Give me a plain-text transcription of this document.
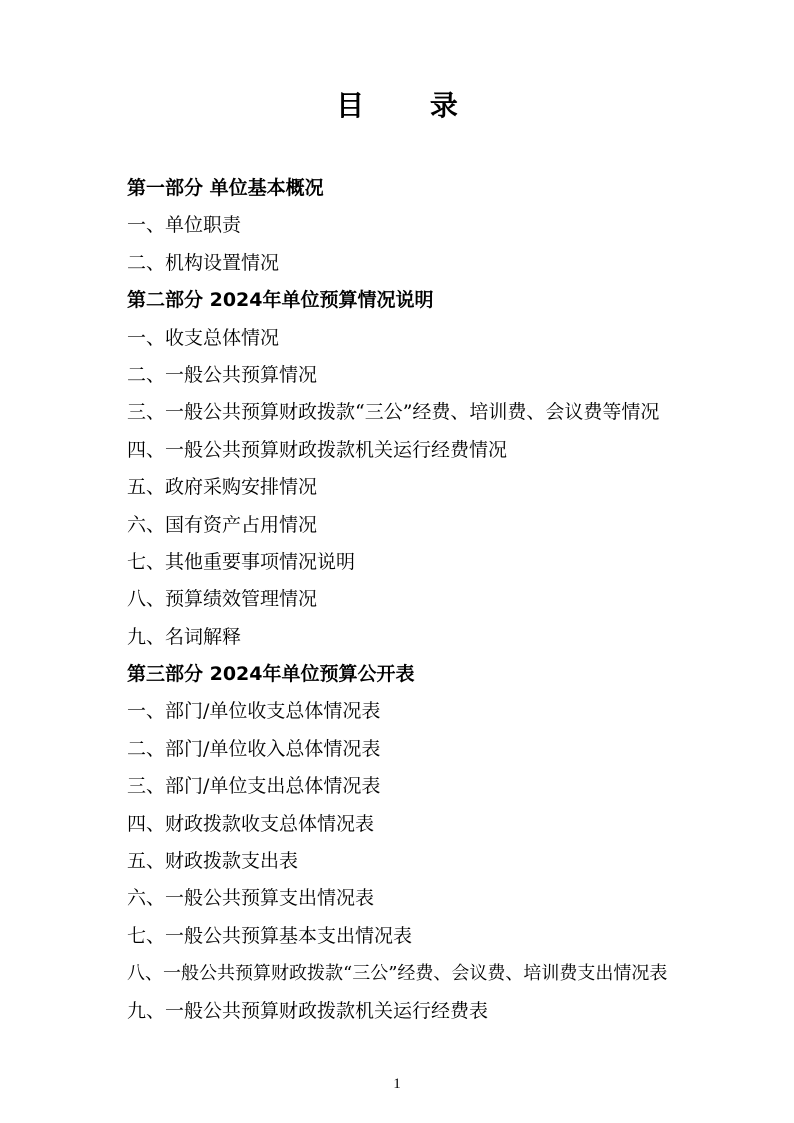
目 录
第一部分 单位基本概况
一、单位职责
二、机构设置情况
第二部分 2024年单位预算情况说明
一、收支总体情况
二、一般公共预算情况
三、一般公共预算财政拨款“三公”经费、培训费、会议费等情况
四、一般公共预算财政拨款机关运行经费情况
五、政府采购安排情况
六、国有资产占用情况
七、其他重要事项情况说明
八、预算绩效管理情况
九、名词解释
第三部分 2024年单位预算公开表
一、部门/单位收支总体情况表
二、部门/单位收入总体情况表
三、部门/单位支出总体情况表
四、财政拨款收支总体情况表
五、财政拨款支出表
六、一般公共预算支出情况表
七、一般公共预算基本支出情况表
八、一般公共预算财政拨款“三公”经费、会议费、培训费支出情况表
九、一般公共预算财政拨款机关运行经费表
1
